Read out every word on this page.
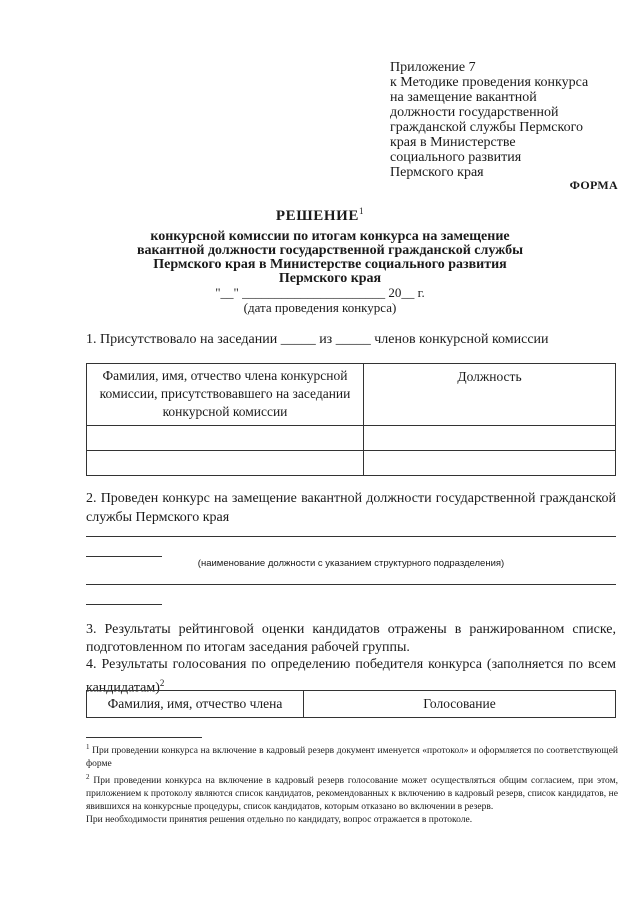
Приложение 7
к Методике проведения конкурса
на замещение вакантной
должности государственной
гражданской службы Пермского
края в Министерстве
социального развития
Пермского края
ФОРМА
РЕШЕНИЕ$^1$
конкурсной комиссии по итогам конкурса на замещение
вакантной должности государственной гражданской службы
Пермского края в Министерстве социального развития
Пермского края
"__" ______________________ 20__ г.
(дата проведения конкурса)
1. Присутствовало на заседании _____ из _____ членов конкурсной комиссии
Фамилия, имя, отчество члена конкурсной комиссии, присутствовавшего на заседании конкурсной комиссии	Должность

2. Проведен конкурс на замещение вакантной должности государственной гражданской службы Пермского края
(наименование должности с указанием структурного подразделения)
3. Результаты рейтинговой оценки кандидатов отражены в ранжированном списке, подготовленном по итогам заседания рабочей группы.
4. Результаты голосования по определению победителя конкурса (заполняется по всем кандидатам)$^2$
Фамилия, имя, отчество члена	Голосование

$^1$ При проведении конкурса на включение в кадровый резерв документ именуется «протокол» и оформляется по соответствующей форме

$^2$ При проведении конкурса на включение в кадровый резерв голосование может осуществляться общим согласием, при этом, приложением к протоколу являются список кандидатов, рекомендованных к включению в кадровый резерв, список кандидатов, не явившихся на конкурсные процедуры, список кандидатов, которым отказано во включении в резерв.

При необходимости принятия решения отдельно по кандидату, вопрос отражается в протоколе.
